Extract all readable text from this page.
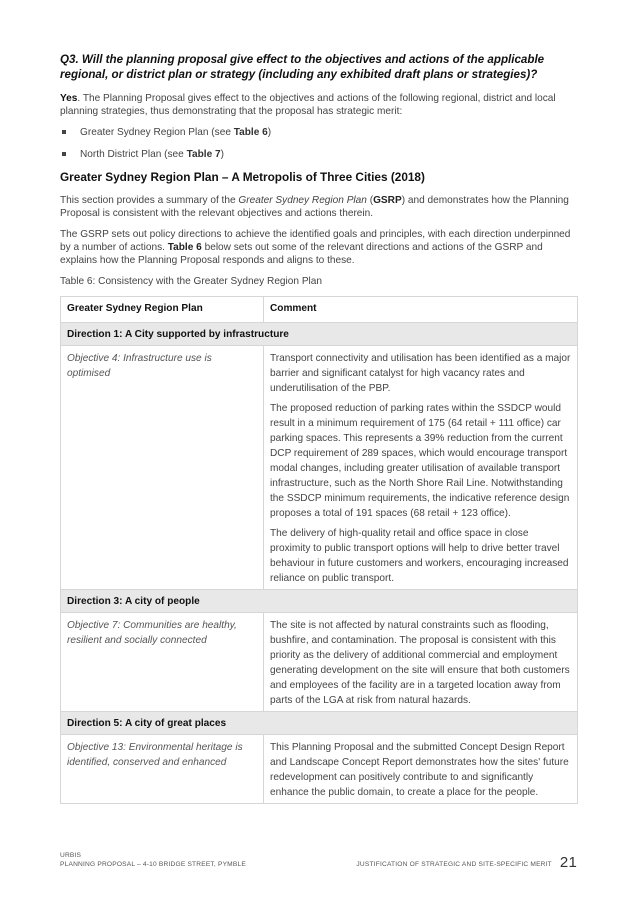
Q3. Will the planning proposal give effect to the objectives and actions of the applicable regional, or district plan or strategy (including any exhibited draft plans or strategies)?

Yes. The Planning Proposal gives effect to the objectives and actions of the following regional, district and local planning strategies, thus demonstrating that the proposal has strategic merit:

Greater Sydney Region Plan (see Table 6)
North District Plan (see Table 7)
Greater Sydney Region Plan – A Metropolis of Three Cities (2018)

This section provides a summary of the Greater Sydney Region Plan (GSRP) and demonstrates how the Planning Proposal is consistent with the relevant objectives and actions therein.

The GSRP sets out policy directions to achieve the identified goals and principles, with each direction underpinned by a number of actions. Table 6 below sets out some of the relevant directions and actions of the GSRP and explains how the Planning Proposal responds and aligns to these.

Table 6: Consistency with the Greater Sydney Region Plan
Greater Sydney Region Plan	Comment
Direction 1: A City supported by infrastructure	
Objective 4: Infrastructure use is optimised	Transport connectivity and utilisation has been identified as a major barrier and significant catalyst for high vacancy rates and underutilisation of the PBP.
The proposed reduction of parking rates within the SSDCP would result in a minimum requirement of 175 (64 retail + 111 office) car parking spaces. This represents a 39% reduction from the current DCP requirement of 289 spaces, which would encourage transport modal changes, including greater utilisation of available transport infrastructure, such as the North Shore Rail Line. Notwithstanding the SSDCP minimum requirements, the indicative reference design proposes a total of 191 spaces (68 retail + 123 office).
The delivery of high-quality retail and office space in close proximity to public transport options will help to drive better travel behaviour in future customers and workers, encouraging increased reliance on public transport.

Direction 3: A city of people	
Objective 7: Communities are healthy, resilient and socially connected	The site is not affected by natural constraints such as flooding, bushfire, and contamination. The proposal is consistent with this priority as the delivery of additional commercial and employment generating development on the site will ensure that both customers and employees of the facility are in a targeted location away from parts of the LGA at risk from natural hazards.

Direction 5: A city of great places	
Objective 13: Environmental heritage is identified, conserved and enhanced	This Planning Proposal and the submitted Concept Design Report and Landscape Concept Report demonstrates how the sites' future redevelopment can positively contribute to and significantly enhance the public domain, to create a place for the people.
URBIS
PLANNING PROPOSAL – 4-10 BRIDGE STREET, PYMBLE	JUSTIFICATION OF STRATEGIC AND SITE-SPECIFIC MERIT 21
